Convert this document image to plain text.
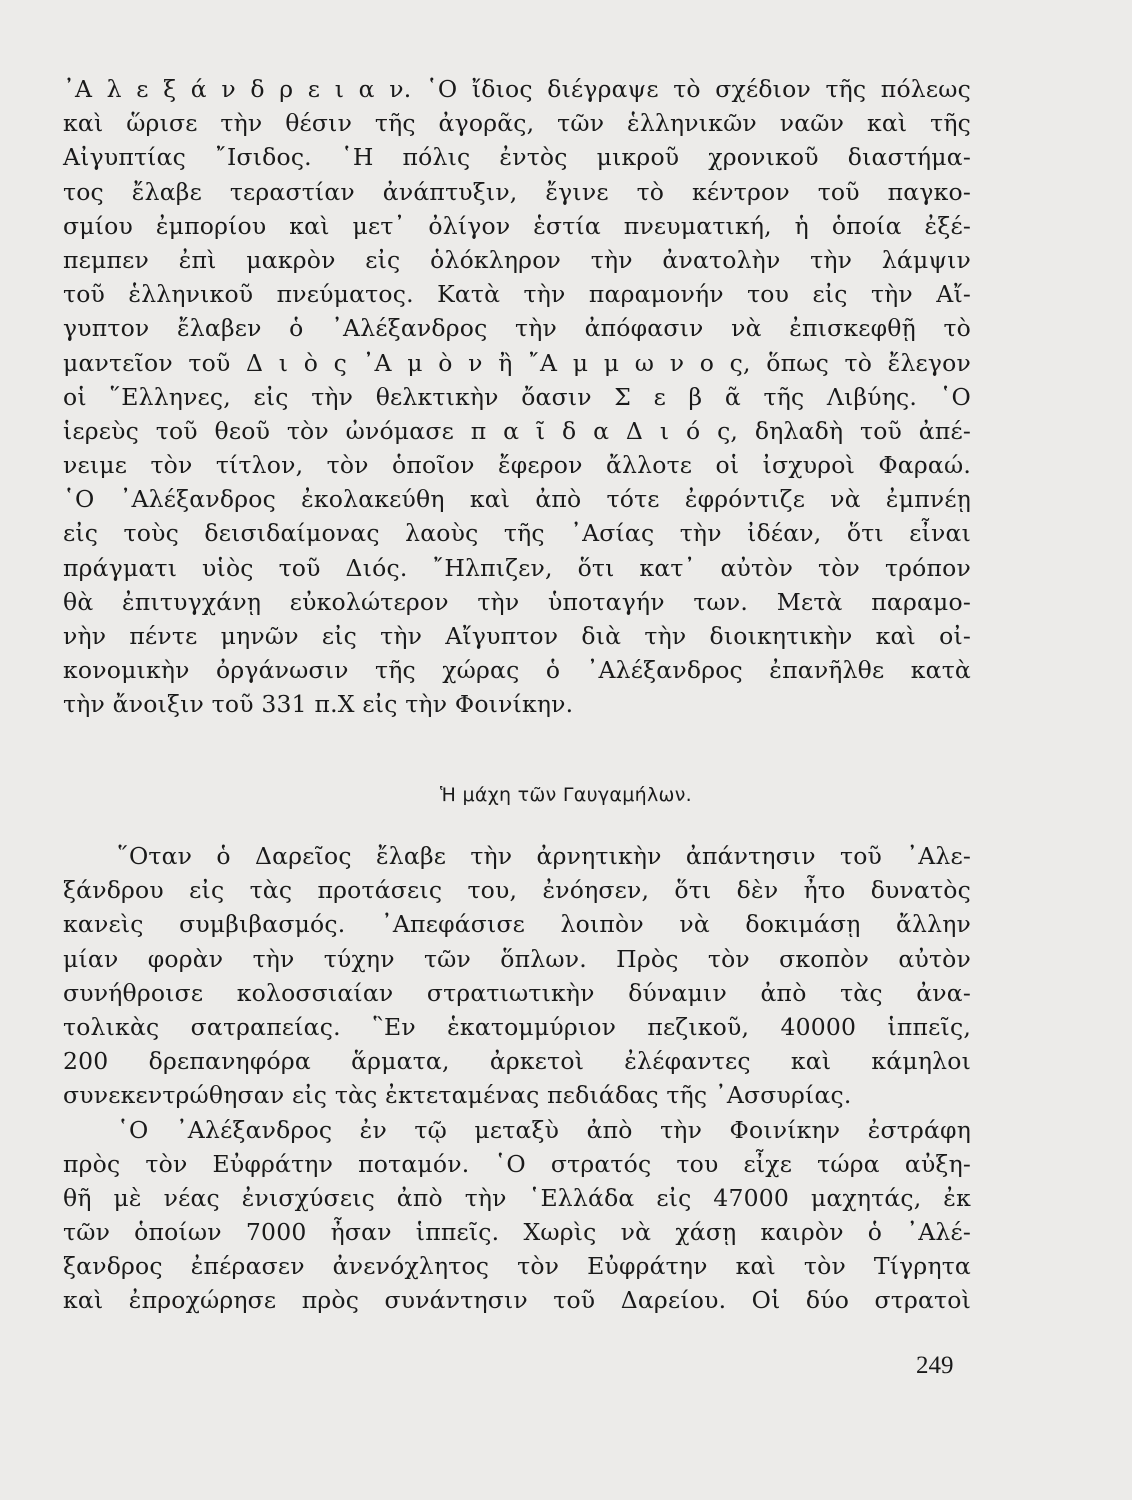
᾿Α λ ε ξ ά ν δ ρ ε ι α ν. ῾Ο ἴδιος διέγραψε τὸ σχέδιον τῆς πόλεως
καὶ ὥρισε τὴν θέσιν τῆς ἀγορᾶς, τῶν ἑλληνικῶν ναῶν καὶ τῆς
Αἰγυπτίας ῎Ισιδος. ῾Η πόλις ἐντὸς μικροῦ χρονικοῦ διαστήμα-
τος ἔλαβε τεραστίαν ἀνάπτυξιν, ἔγινε τὸ κέντρον τοῦ παγκο-
σμίου ἐμπορίου καὶ μετ᾿ ὀλίγον ἑστία πνευματική, ἡ ὁποία ἐξέ-
πεμπεν ἐπὶ μακρὸν εἰς ὁλόκληρον τὴν ἀνατολὴν τὴν λάμψιν
τοῦ ἑλληνικοῦ πνεύματος. Κατὰ τὴν παραμονήν του εἰς τὴν Αἴ-
γυπτον ἔλαβεν ὁ ᾿Αλέξανδρος τὴν ἀπόφασιν νὰ ἐπισκεφθῇ τὸ
μαντεῖον τοῦ Δ ι ὸ ς ᾿Α μ ὸ ν ἢ ῎Α μ μ ω ν ο ς, ὅπως τὸ ἔλεγον
οἱ ῞Ελληνες, εἰς τὴν θελκτικὴν ὄασιν Σ ε β ᾶ τῆς Λιβύης. ῾Ο
ἱερεὺς τοῦ θεοῦ τὸν ὠνόμασε π α ῖ δ α Δ ι ό ς, δηλαδὴ τοῦ ἀπέ-
νειμε τὸν τίτλον, τὸν ὁποῖον ἔφερον ἄλλοτε οἱ ἰσχυροὶ Φαραώ.
῾Ο ᾿Αλέξανδρος ἐκολακεύθη καὶ ἀπὸ τότε ἐφρόντιζε νὰ ἐμπνέῃ
εἰς τοὺς δεισιδαίμονας λαοὺς τῆς ᾿Ασίας τὴν ἰδέαν, ὅτι εἶναι
πράγματι υἱὸς τοῦ Διός. ῎Ηλπιζεν, ὅτι κατ᾿ αὐτὸν τὸν τρόπον
θὰ ἐπιτυγχάνῃ εὐκολώτερον τὴν ὑποταγήν των. Μετὰ παραμο-
νὴν πέντε μηνῶν εἰς τὴν Αἴγυπτον διὰ τὴν διοικητικὴν καὶ οἰ-
κονομικὴν ὀργάνωσιν τῆς χώρας ὁ ᾿Αλέξανδρος ἐπανῆλθε κατὰ
τὴν ἄνοιξιν τοῦ 331 π.Χ εἰς τὴν Φοινίκην.
Ἡ μάχη τῶν Γαυγαμήλων.
῞Οταν ὁ Δαρεῖος ἔλαβε τὴν ἀρνητικὴν ἀπάντησιν τοῦ ᾿Αλε-
ξάνδρου εἰς τὰς προτάσεις του, ἐνόησεν, ὅτι δὲν ἦτο δυνατὸς
κανεὶς συμβιβασμός. ᾿Απεφάσισε λοιπὸν νὰ δοκιμάσῃ ἄλλην
μίαν φορὰν τὴν τύχην τῶν ὅπλων. Πρὸς τὸν σκοπὸν αὐτὸν
συνήθροισε κολοσσιαίαν στρατιωτικὴν δύναμιν ἀπὸ τὰς ἀνα-
τολικὰς σατραπείας. ῝Εν ἑκατομμύριον πεζικοῦ, 40000 ἱππεῖς,
200 δρεπανηφόρα ἅρματα, ἀρκετοὶ ἐλέφαντες καὶ κάμηλοι
συνεκεντρώθησαν εἰς τὰς ἐκτεταμένας πεδιάδας τῆς ᾿Ασσυρίας.
῾Ο ᾿Αλέξανδρος ἐν τῷ μεταξὺ ἀπὸ τὴν Φοινίκην ἐστράφη
πρὸς τὸν Εὐφράτην ποταμόν. ῾Ο στρατός του εἶχε τώρα αὐξη-
θῆ μὲ νέας ἐνισχύσεις ἀπὸ τὴν ῾Ελλάδα εἰς 47000 μαχητάς, ἐκ
τῶν ὁποίων 7000 ἦσαν ἱππεῖς. Χωρὶς νὰ χάσῃ καιρὸν ὁ ᾿Αλέ-
ξανδρος ἐπέρασεν ἀνενόχλητος τὸν Εὐφράτην καὶ τὸν Τίγρητα
καὶ ἐπροχώρησε πρὸς συνάντησιν τοῦ Δαρείου. Οἱ δύο στρατοὶ
249
